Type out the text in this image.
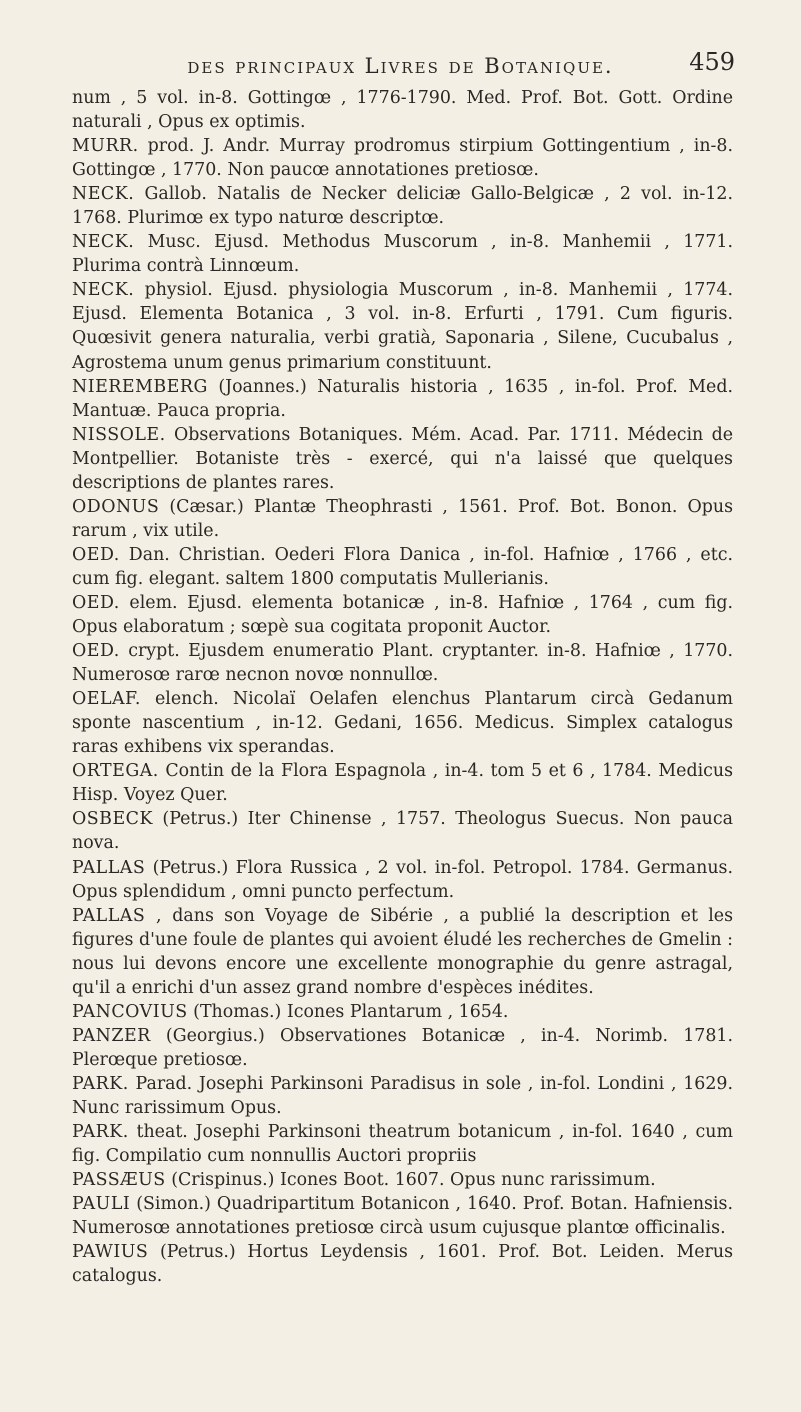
des principaux Livres de Botanique.	459

num , 5 vol. in-8. Gottingœ , 1776-1790. Med. Prof. Bot. Gott. Ordine naturali , Opus ex optimis.

MURR. prod. J. Andr. Murray prodromus stirpium Gottingentium , in-8. Gottingœ , 1770. Non paucœ annotationes pretiosœ.

NECK. Gallob. Natalis de Necker deliciæ Gallo-Belgicæ , 2 vol. in-12. 1768. Plurimœ ex typo naturœ descriptœ.

NECK. Musc. Ejusd. Methodus Muscorum , in-8. Manhemii , 1771. Plurima contrà Linnœum.

NECK. physiol. Ejusd. physiologia Muscorum , in-8. Manhemii , 1774. Ejusd. Elementa Botanica , 3 vol. in-8. Erfurti , 1791. Cum figuris. Quœsivit genera naturalia, verbi gratià, Saponaria , Silene, Cucubalus , Agrostema unum genus primarium constituunt.

NIEREMBERG (Joannes.) Naturalis historia , 1635 , in-fol. Prof. Med. Mantuæ. Pauca propria.

NISSOLE. Observations Botaniques. Mém. Acad. Par. 1711. Médecin de Montpellier. Botaniste très - exercé, qui n'a laissé que quelques descriptions de plantes rares.

ODONUS (Cæsar.) Plantæ Theophrasti , 1561. Prof. Bot. Bonon. Opus rarum , vix utile.

OED. Dan. Christian. Oederi Flora Danica , in-fol. Hafniœ , 1766 , etc. cum fig. elegant. saltem 1800 computatis Mullerianis.

OED. elem. Ejusd. elementa botanicæ , in-8. Hafniœ , 1764 , cum fig. Opus elaboratum ; sœpè sua cogitata proponit Auctor.

OED. crypt. Ejusdem enumeratio Plant. cryptanter. in-8. Hafniœ , 1770. Numerosœ rarœ necnon novœ nonnullœ.

OELAF. elench. Nicolaï Oelafen elenchus Plantarum circà Gedanum sponte nascentium , in-12. Gedani, 1656. Medicus. Simplex catalogus raras exhibens vix sperandas.

ORTEGA. Contin de la Flora Espagnola , in-4. tom 5 et 6 , 1784. Medicus Hisp. Voyez Quer.

OSBECK (Petrus.) Iter Chinense , 1757. Theologus Suecus. Non pauca nova.

PALLAS (Petrus.) Flora Russica , 2 vol. in-fol. Petropol. 1784. Germanus. Opus splendidum , omni puncto perfectum.

PALLAS , dans son Voyage de Sibérie , a publié la description et les figures d'une foule de plantes qui avoient éludé les recherches de Gmelin : nous lui devons encore une excellente monographie du genre astragal, qu'il a enrichi d'un assez grand nombre d'espèces inédites.

PANCOVIUS (Thomas.) Icones Plantarum , 1654.

PANZER (Georgius.) Observationes Botanicæ , in-4. Norimb. 1781. Plerœque pretiosœ.

PARK. Parad. Josephi Parkinsoni Paradisus in sole , in-fol. Londini , 1629. Nunc rarissimum Opus.

PARK. theat. Josephi Parkinsoni theatrum botanicum , in-fol. 1640 , cum fig. Compilatio cum nonnullis Auctori propriis

PASSÆUS (Crispinus.) Icones Boot. 1607. Opus nunc rarissimum.

PAULI (Simon.) Quadripartitum Botanicon , 1640. Prof. Botan. Hafniensis. Numerosœ annotationes pretiosœ circà usum cujusque plantœ officinalis.

PAWIUS (Petrus.) Hortus Leydensis , 1601. Prof. Bot. Leiden. Merus catalogus.
